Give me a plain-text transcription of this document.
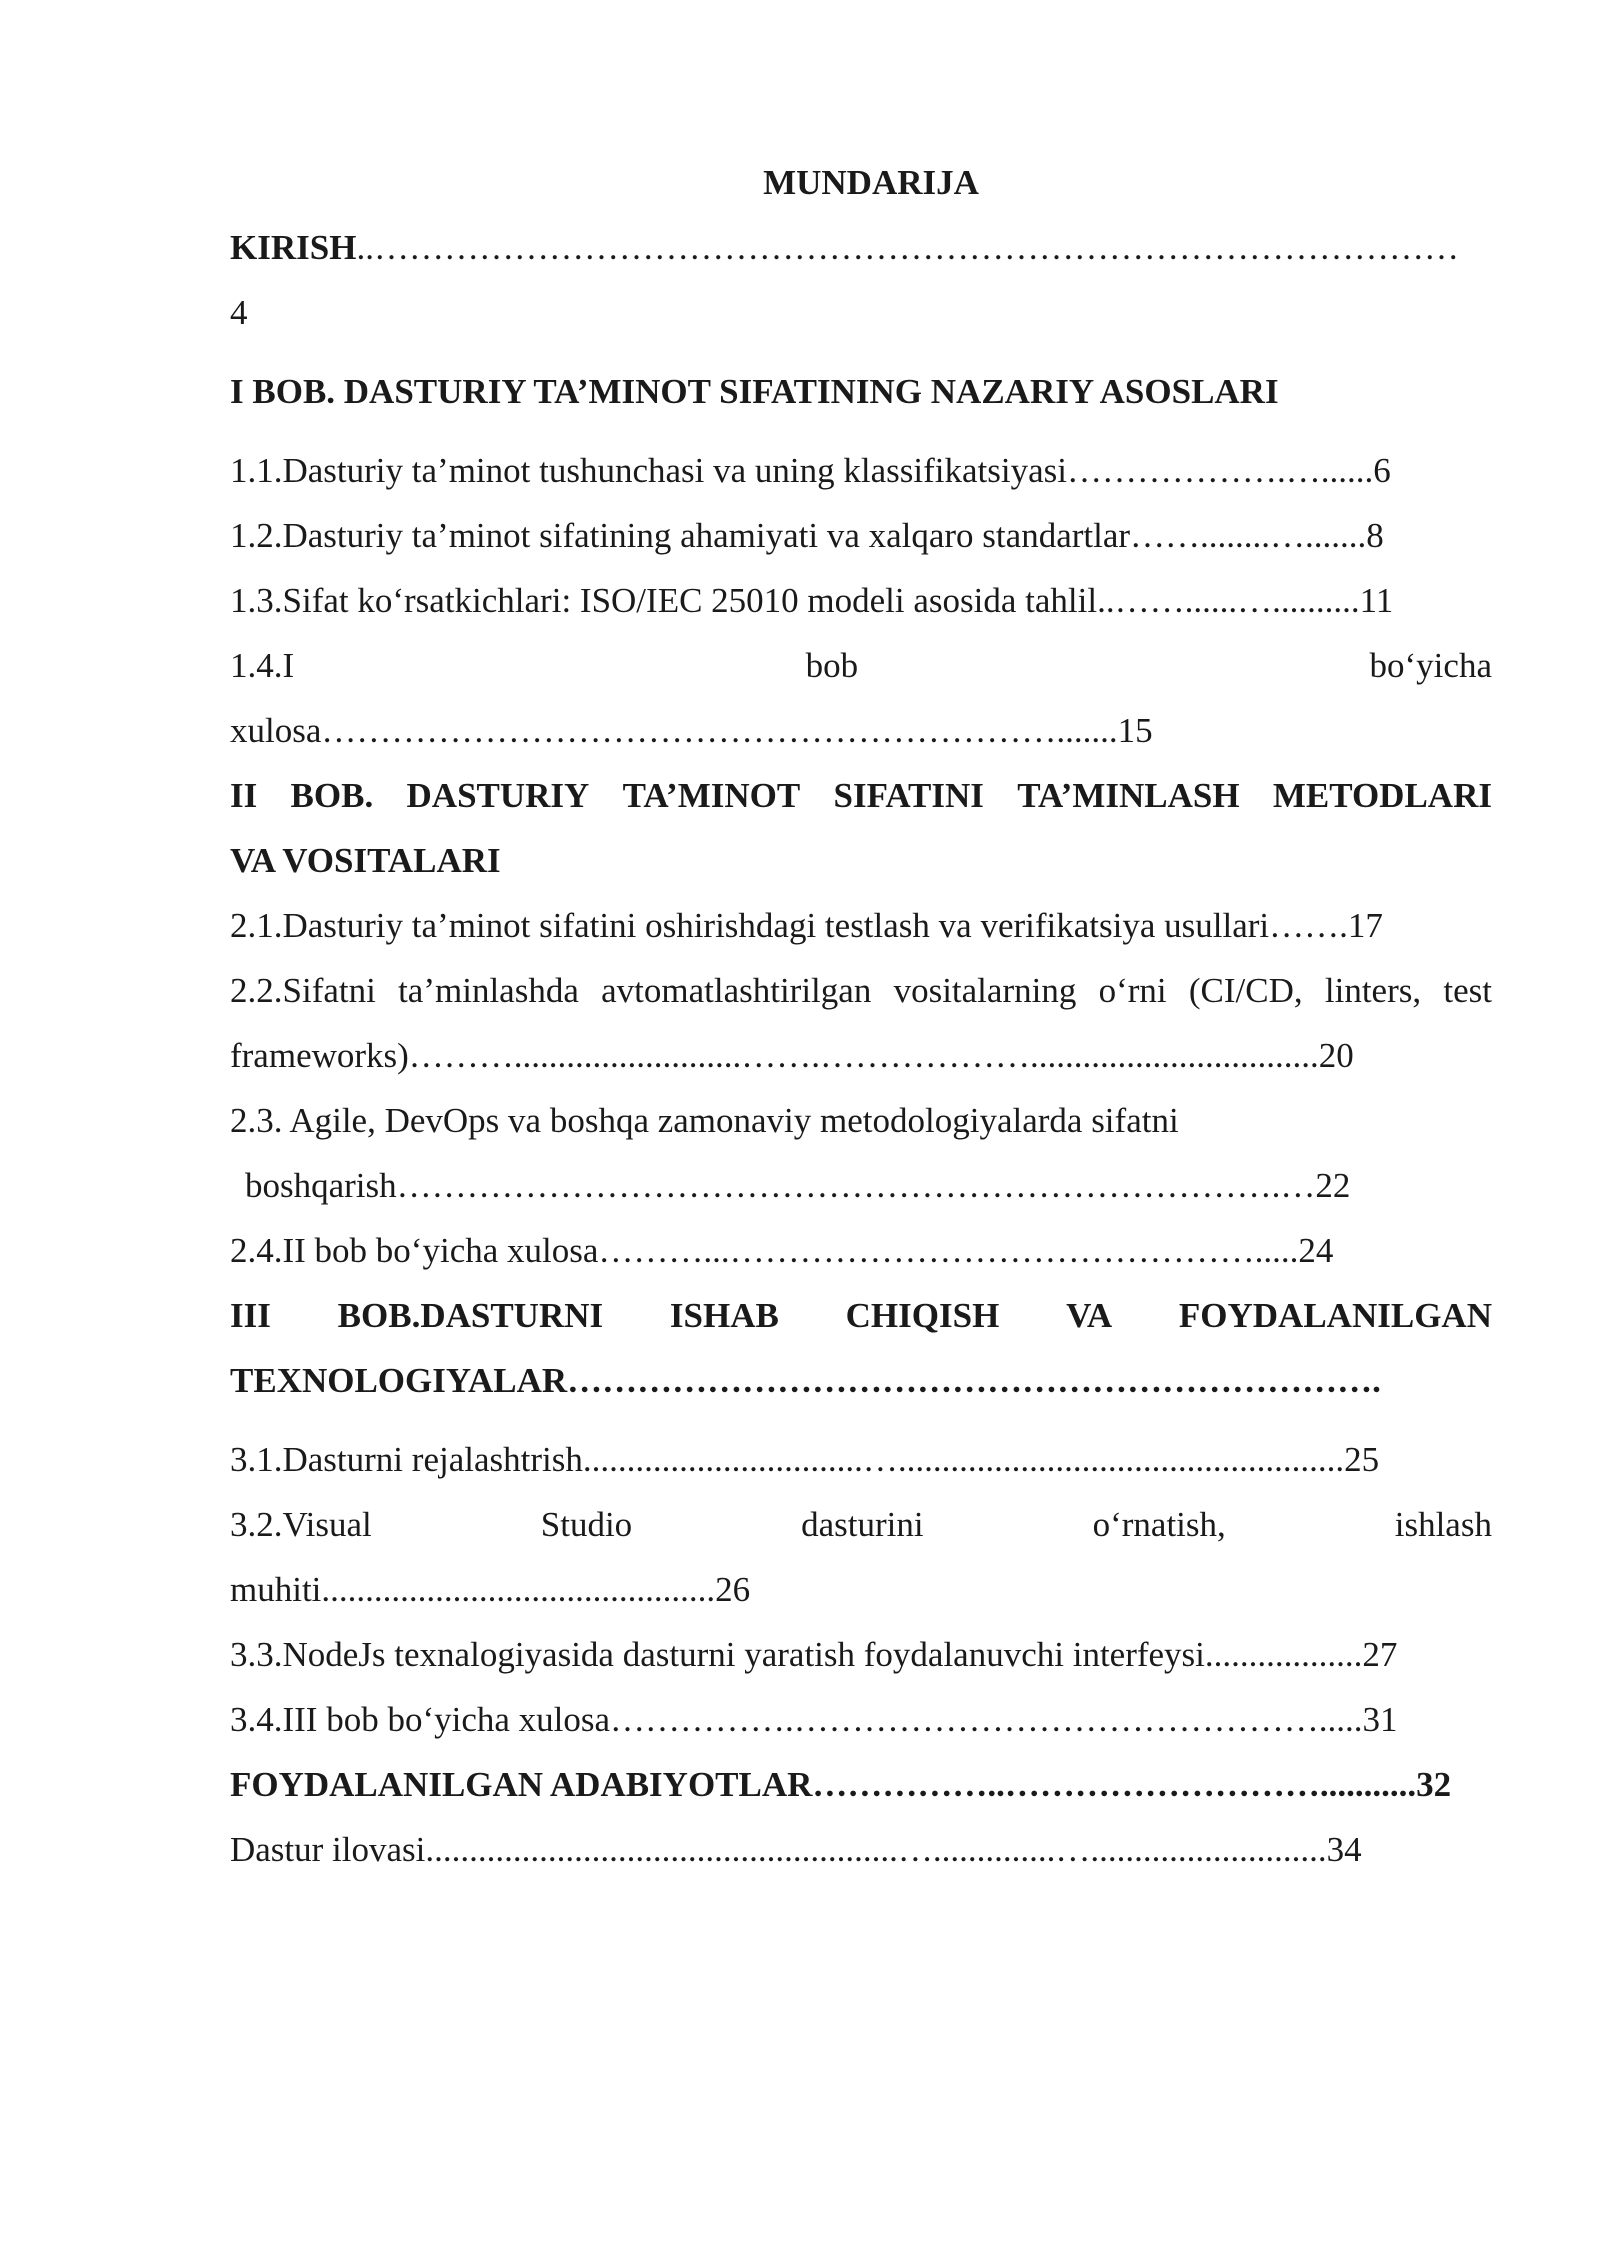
MUNDARIJA
KIRISH..…………………………………………………………………………………
4
I BOB. DASTURIY TA’MINOT SIFATINING NAZARIY ASOSLARI
1.1.Dasturiy ta’minot tushunchasi va uning klassifikatsiyasi……………….…......6
1.2.Dasturiy ta’minot sifatining ahamiyati va xalqaro standartlar……........….......8
1.3.Sifat ko‘rsatkichlari: ISO/IEC 25010 modeli asosida tahlil..……......…..........11
1.4.I	bob	bo‘yicha
xulosa……………………………………………………….......15
II BOB. DASTURIY TA’MINOT SIFATINI TA’MINLASH METODLARI
VA VOSITALARI
2.1.Dasturiy ta’minot sifatini oshirishdagi testlash va verifikatsiya usullari…….17
2.2.Sifatni ta’minlashda avtomatlashtirilgan vositalarning o‘rni (CI/CD, linters, test
frameworks)………..........................…….……………….................................20
2.3. Agile, DevOps va boshqa zamonaviy metodologiyalarda sifatni
boshqarish………………………………………………………………….…22
2.4.II bob bo‘yicha xulosa………...……………………………………….....24
III BOB.DASTURNI ISHAB CHIQISH VA FOYDALANILGAN
TEXNOLOGIYALAR…………………………………………………………….
3.1.Dasturni rejalashtrish................................…...................................................25
3.2.Visual	Studio	dasturini	o‘rnatish,	ishlash
muhiti.............................................26
3.3.NodeJs texnalogiyasida dasturni yaratish foydalanuvchi interfeysi..................27
3.4.III bob bo‘yicha xulosa…………….……………………………………….....31
FOYDALANILGAN ADABIYOTLAR……………..………………………...........32
Dastur ilovasi......................................................…..............…...........................34
